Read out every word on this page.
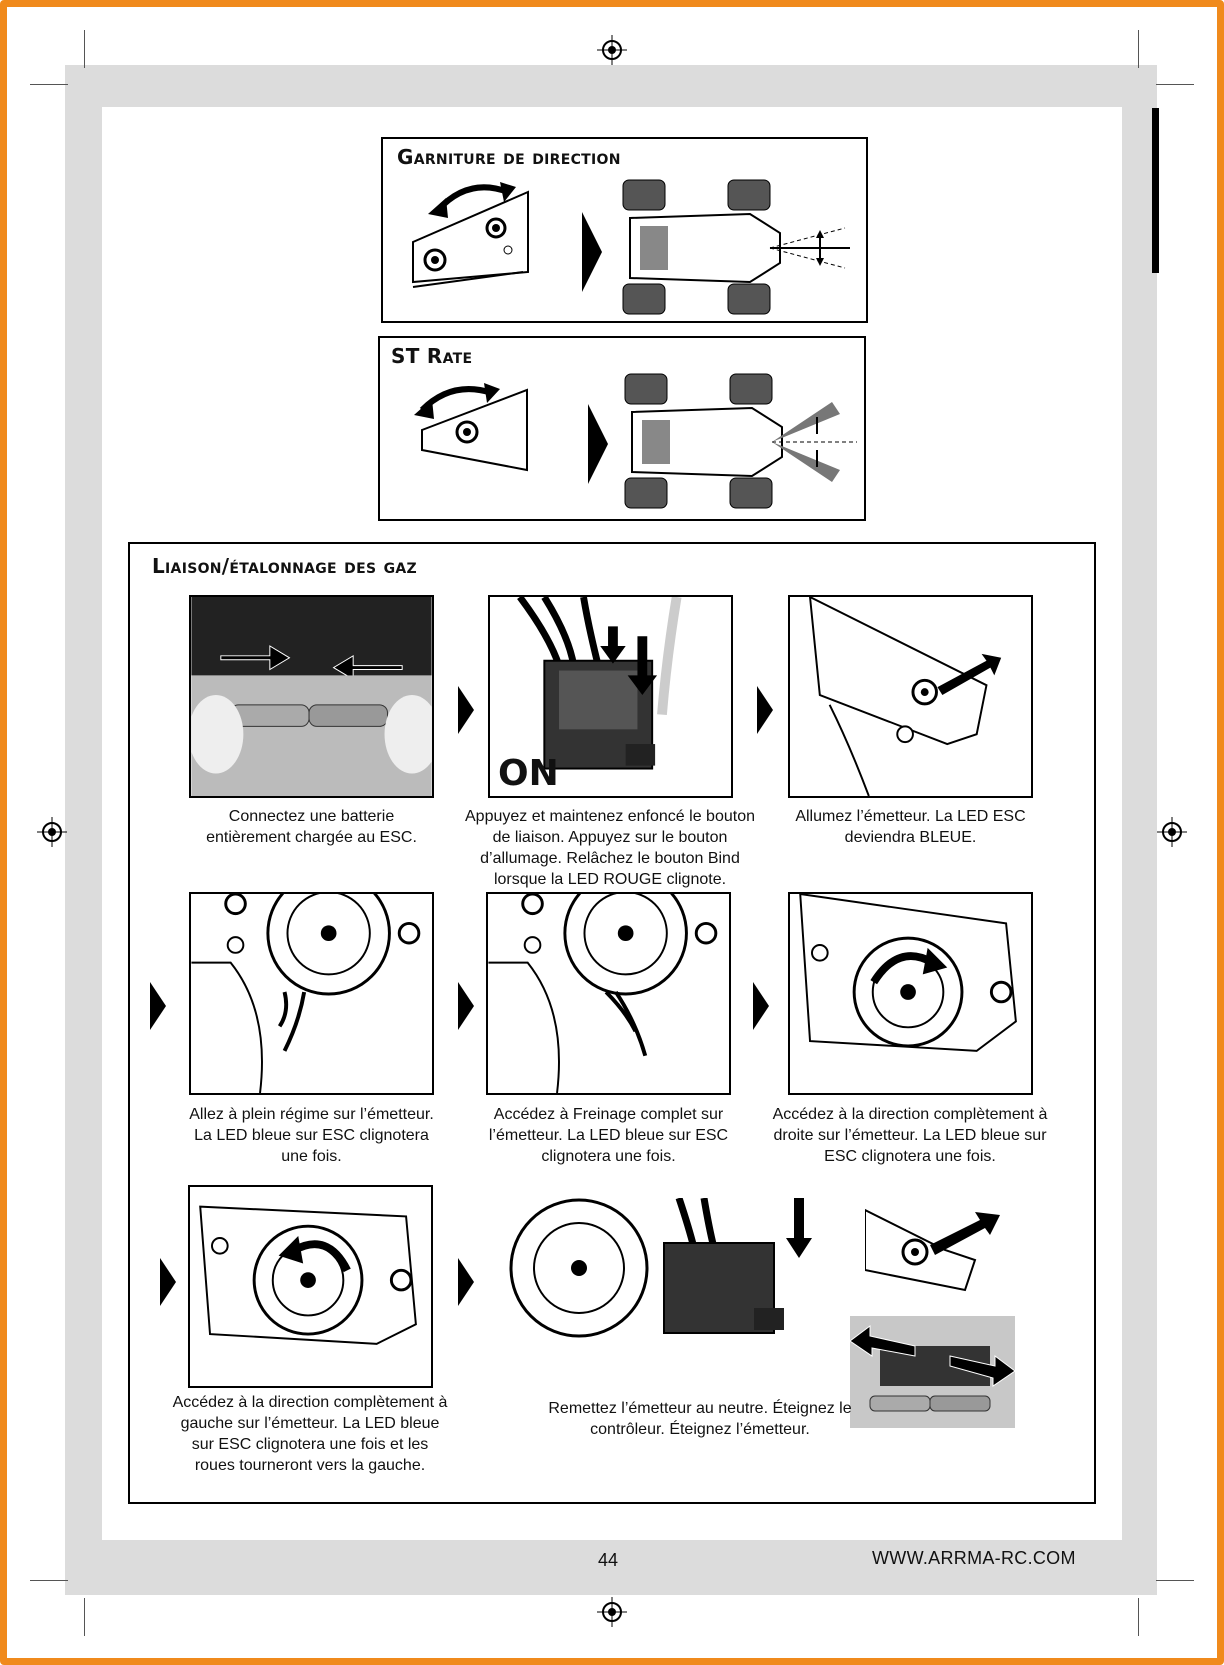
Garniture de direction
ST Rate
Liaison/étalonnage des gaz
ON
Connectez une batterie entièrement chargée au ESC.
Appuyez et maintenez enfoncé le bouton de liaison. Appuyez sur le bouton d’allumage. Relâchez le bouton Bind lorsque la LED ROUGE clignote.
Allumez l’émetteur. La LED ESC deviendra BLEUE.
Allez à plein régime sur l’émetteur. La LED bleue sur ESC clignotera une fois.
Accédez à Freinage complet sur l’émetteur. La LED bleue sur ESC clignotera une fois.
Accédez à la direction complètement à droite sur l’émetteur. La LED bleue sur ESC clignotera une fois.
Accédez à la direction complètement à gauche sur l’émetteur. La LED bleue sur ESC clignotera une fois et les roues tourneront vers la gauche.
Remettez l’émetteur au neutre. Éteignez le contrôleur. Éteignez l’émetteur.
44	WWW.ARRMA-RC.COM
